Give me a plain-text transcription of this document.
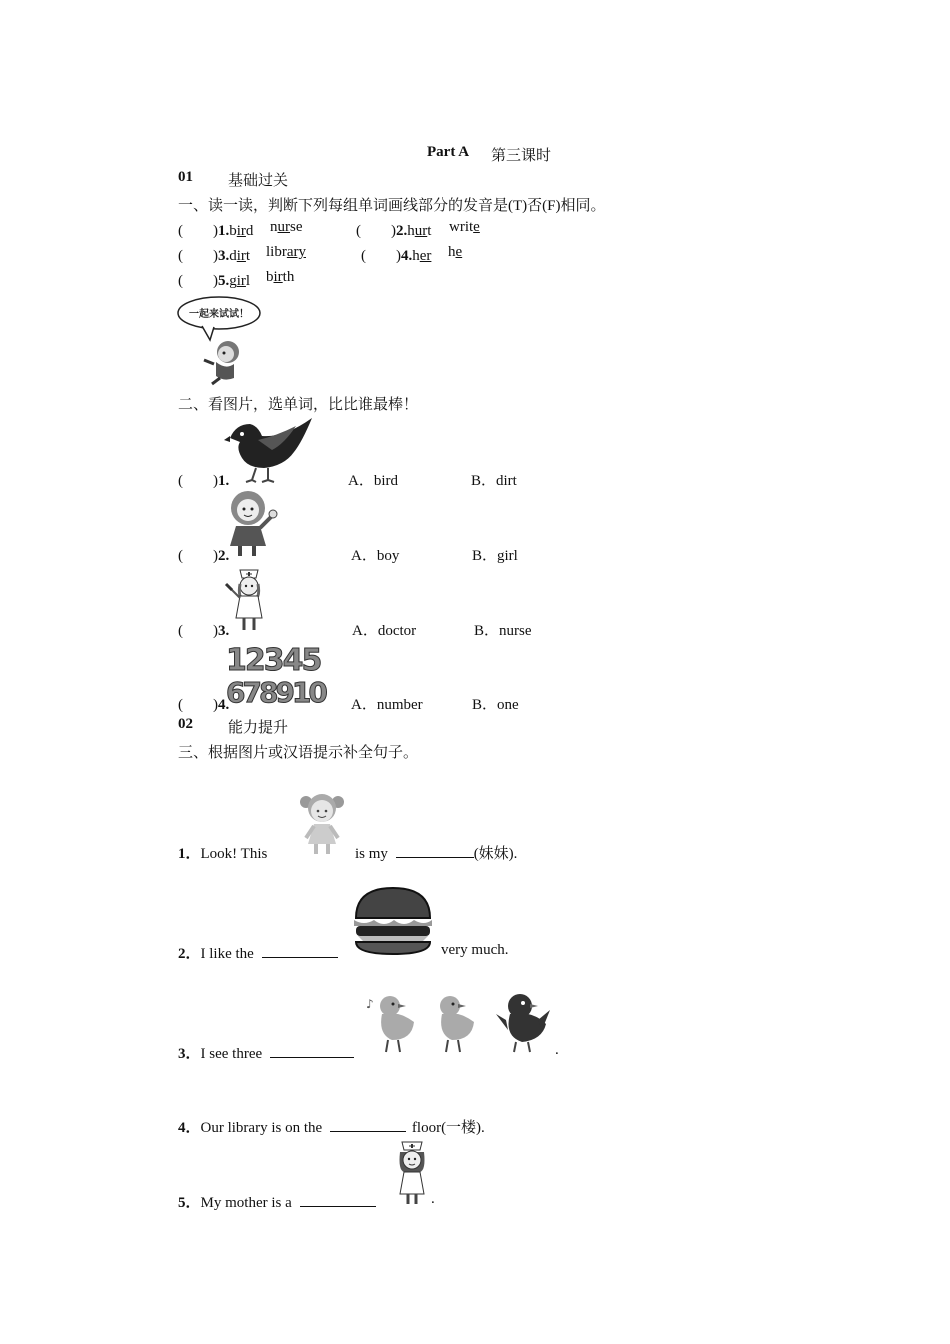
Part A 第三课时
01 基础过关
一、读一读，判断下列每组单词画线部分的发音是(T)否(F)相同。
(　　)1.bird nurse	(　　)2.hurt write
(　　)3.dirt library	(　　)4.her he
(　　)5.girl birth
一起来试试！
二、看图片，选单词，比比谁最棒！
(　　)1.	A．bird	B．dirt
(　　)2.	A．boy	B．girl
(　　)3.	A．doctor	B．nurse
12345
678910
(　　)4.	A．number	B．one
02 能力提升
三、根据图片或汉语提示补全句子。
1．Look! This	is my	(妹妹).
2．I like the	very much.
3．I see three
♪
.
4．Our library is on the	floor(一楼).
5．My mother is a	.
